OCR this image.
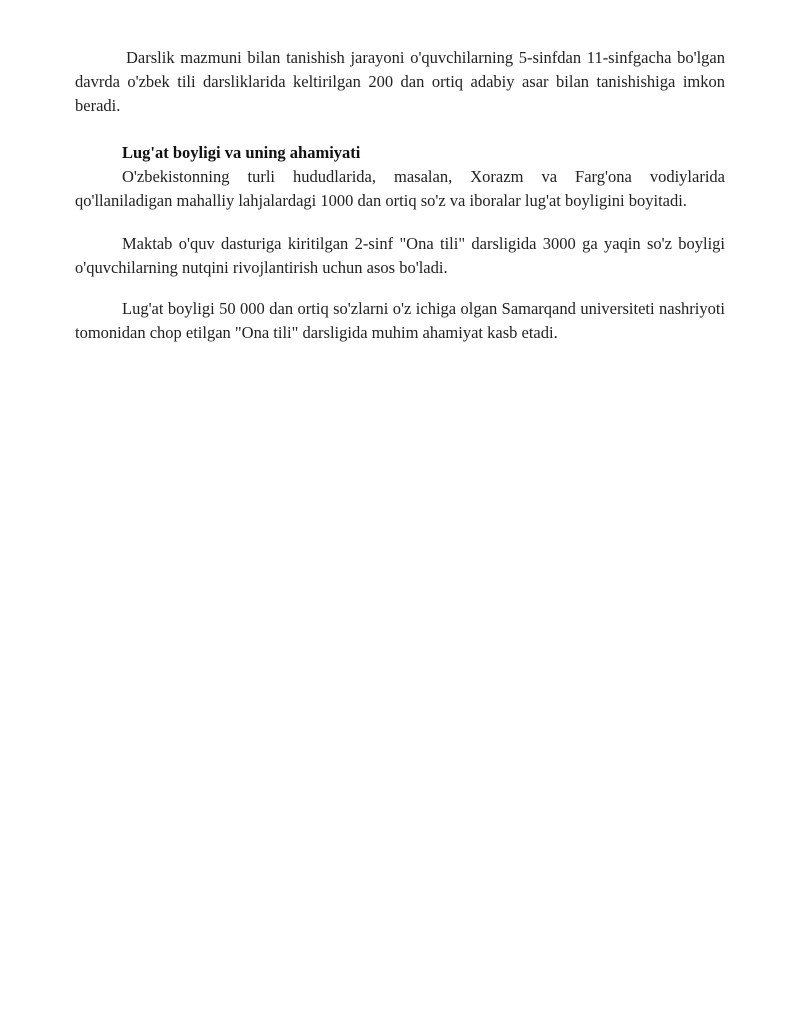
Darslik mazmuni bilan tanishish jarayoni o'quvchilarning 5-sinfdan 11-sinfgacha bo'lgan davrda o'zbek tili darsliklarida keltirilgan 200 dan ortiq adabiy asar bilan tanishishiga imkon beradi.

Lug'at boyligi va uning ahamiyati

O'zbekistonning turli hududlarida, masalan, Xorazm va Farg'ona vodiylarida qo'llaniladigan mahalliy lahjalardagi 1000 dan ortiq so'z va iboralar lug'at boyligini boyitadi.

Maktab o'quv dasturiga kiritilgan 2-sinf "Ona tili" darsligida 3000 ga yaqin so'z boyligi o'quvchilarning nutqini rivojlantirish uchun asos bo'ladi.

Lug'at boyligi 50 000 dan ortiq so'zlarni o'z ichiga olgan Samarqand universiteti nashriyoti tomonidan chop etilgan "Ona tili" darsligida muhim ahamiyat kasb etadi.
